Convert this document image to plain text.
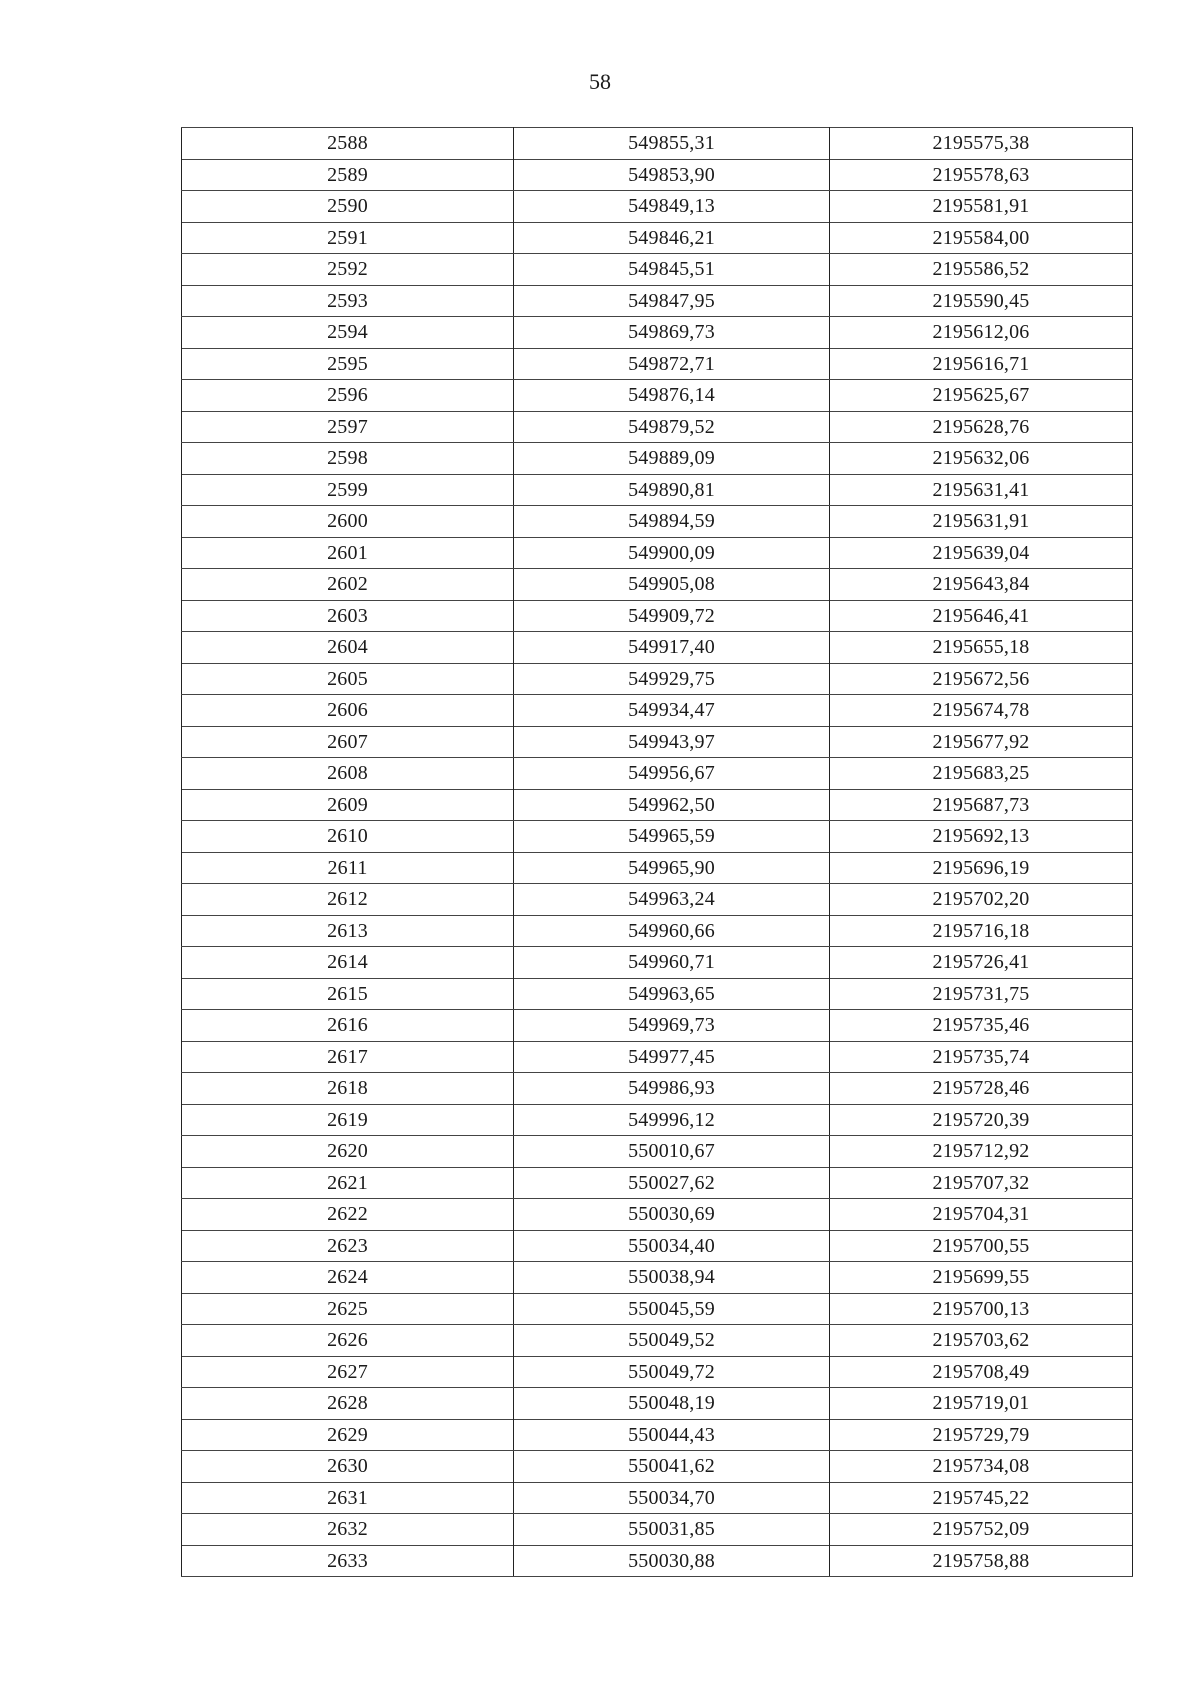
58
2588	549855,31	2195575,38
2589	549853,90	2195578,63
2590	549849,13	2195581,91
2591	549846,21	2195584,00
2592	549845,51	2195586,52
2593	549847,95	2195590,45
2594	549869,73	2195612,06
2595	549872,71	2195616,71
2596	549876,14	2195625,67
2597	549879,52	2195628,76
2598	549889,09	2195632,06
2599	549890,81	2195631,41
2600	549894,59	2195631,91
2601	549900,09	2195639,04
2602	549905,08	2195643,84
2603	549909,72	2195646,41
2604	549917,40	2195655,18
2605	549929,75	2195672,56
2606	549934,47	2195674,78
2607	549943,97	2195677,92
2608	549956,67	2195683,25
2609	549962,50	2195687,73
2610	549965,59	2195692,13
2611	549965,90	2195696,19
2612	549963,24	2195702,20
2613	549960,66	2195716,18
2614	549960,71	2195726,41
2615	549963,65	2195731,75
2616	549969,73	2195735,46
2617	549977,45	2195735,74
2618	549986,93	2195728,46
2619	549996,12	2195720,39
2620	550010,67	2195712,92
2621	550027,62	2195707,32
2622	550030,69	2195704,31
2623	550034,40	2195700,55
2624	550038,94	2195699,55
2625	550045,59	2195700,13
2626	550049,52	2195703,62
2627	550049,72	2195708,49
2628	550048,19	2195719,01
2629	550044,43	2195729,79
2630	550041,62	2195734,08
2631	550034,70	2195745,22
2632	550031,85	2195752,09
2633	550030,88	2195758,88
